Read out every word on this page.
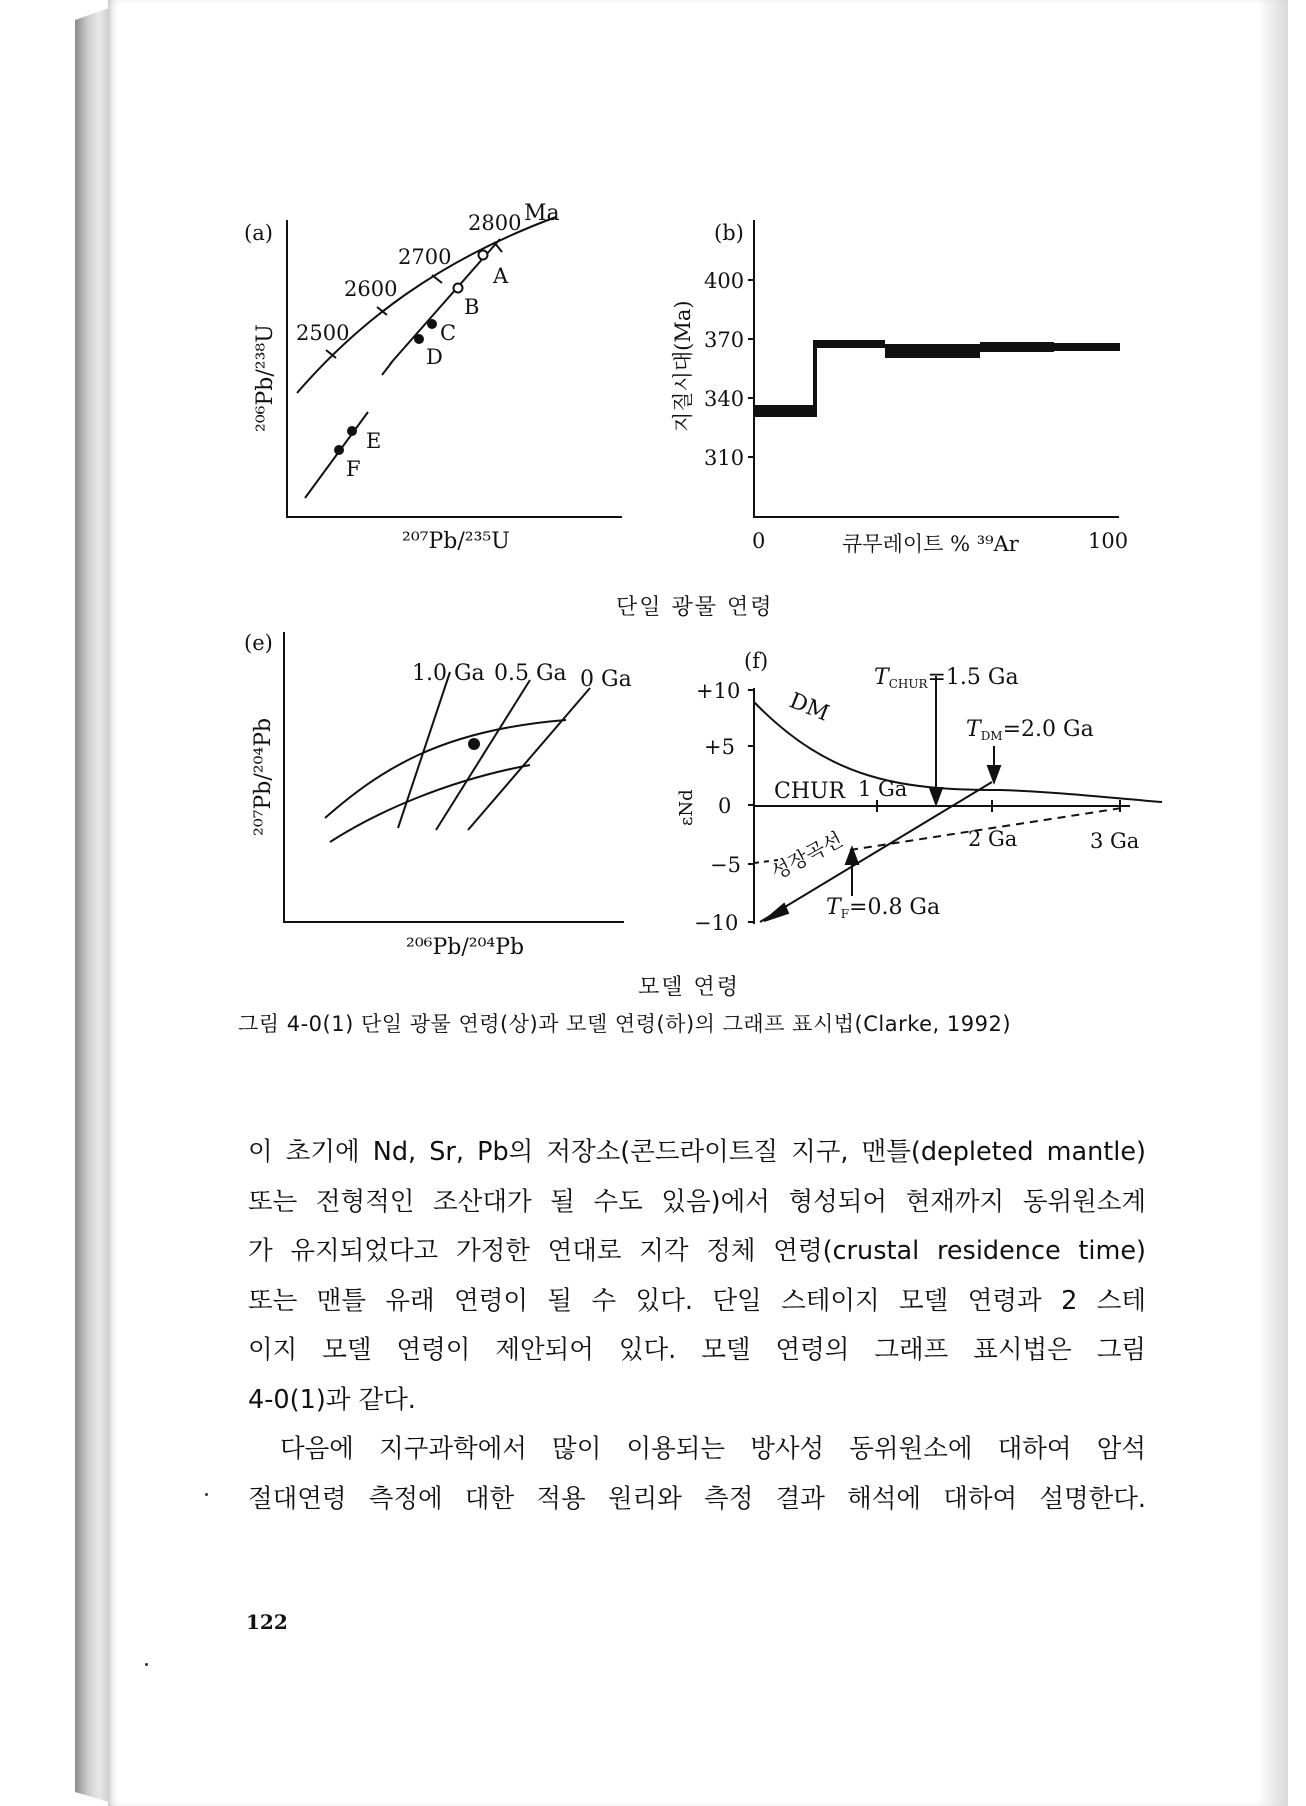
(a)
2500
2600
2700
2800 Ma
A
B
C
D
E
F
²⁰⁷Pb/²³⁵U
²⁰⁶Pb/²³⁸U
(b)
400
370
340
310
0	큐무레이트 % ³⁹Ar	100
지질시대(Ma)
(e)
1.0 Ga 0.5 Ga 0 Ga
²⁰⁶Pb/²⁰⁴Pb
²⁰⁷Pb/²⁰⁴Pb
(f)
+10
+5
0
−5
−10
εNd
DM
CHUR 1 Ga
2 Ga	3 Ga
성장곡선
TCHUR=1.5 Ga
TDM=2.0 Ga
TF=0.8 Ga
단일 광물 연령
모델 연령
그림 4-0(1) 단일 광물 연령(상)과 모델 연령(하)의 그래프 표시법(Clarke, 1992)

이 초기에 Nd, Sr, Pb의 저장소(콘드라이트질 지구, 맨틀(depleted mantle)

또는 전형적인 조산대가 될 수도 있음)에서 형성되어 현재까지 동위원소계

가 유지되었다고 가정한 연대로 지각 정체 연령(crustal residence time)

또는 맨틀 유래 연령이 될 수 있다. 단일 스테이지 모델 연령과 2 스테

이지 모델 연령이 제안되어 있다. 모델 연령의 그래프 표시법은 그림

4-0(1)과 같다.

다음에 지구과학에서 많이 이용되는 방사성 동위원소에 대하여 암석

절대연령 측정에 대한 적용 원리와 측정 결과 해석에 대하여 설명한다.

122
